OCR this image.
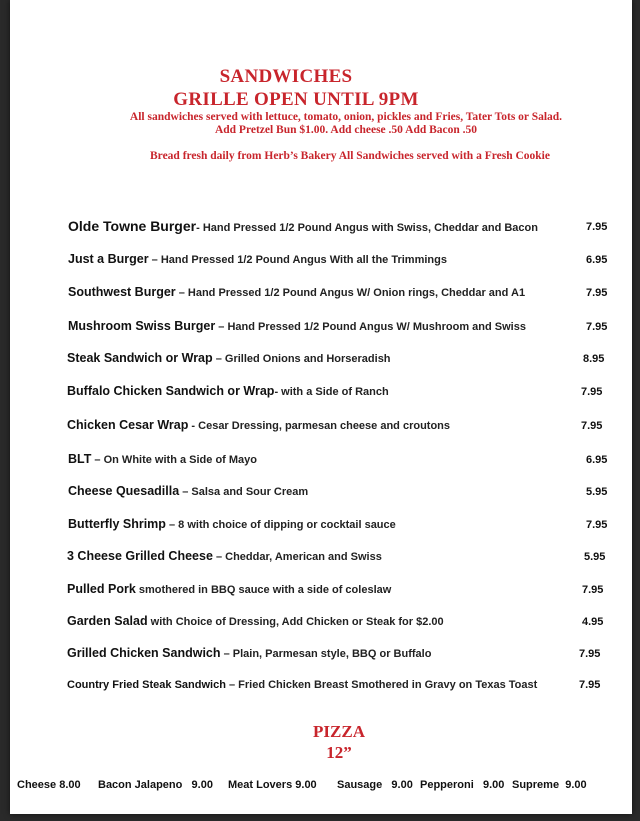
SANDWICHES
GRILLE OPEN UNTIL 9PM
All sandwiches served with lettuce, tomato, onion, pickles and Fries, Tater Tots or Salad.
Add Pretzel Bun $1.00. Add cheese .50 Add Bacon .50
Bread fresh daily from Herb’s Bakery All Sandwiches served with a Fresh Cookie
Olde Towne Burger- Hand Pressed 1/2 Pound Angus with Swiss, Cheddar and Bacon	7.95
Just a Burger – Hand Pressed 1/2 Pound Angus With all the Trimmings	6.95
Southwest Burger – Hand Pressed 1/2 Pound Angus W/ Onion rings, Cheddar and A1	7.95
Mushroom Swiss Burger – Hand Pressed 1/2 Pound Angus W/ Mushroom and Swiss	7.95
Steak Sandwich or Wrap – Grilled Onions and Horseradish	8.95
Buffalo Chicken Sandwich or Wrap- with a Side of Ranch	7.95
Chicken Cesar Wrap - Cesar Dressing, parmesan cheese and croutons	7.95
BLT – On White with a Side of Mayo	6.95
Cheese Quesadilla – Salsa and Sour Cream	5.95
Butterfly Shrimp – 8 with choice of dipping or cocktail sauce	7.95
3 Cheese Grilled Cheese – Cheddar, American and Swiss	5.95
Pulled Pork smothered in BBQ sauce with a side of coleslaw	7.95
Garden Salad with Choice of Dressing, Add Chicken or Steak for $2.00	4.95
Grilled Chicken Sandwich – Plain, Parmesan style, BBQ or Buffalo	7.95
Country Fried Steak Sandwich – Fried Chicken Breast Smothered in Gravy on Texas Toast	7.95
PIZZA
12”
Cheese 8.00 Bacon Jalapeno 9.00 Meat Lovers 9.00 Sausage 9.00 Pepperoni 9.00 Supreme 9.00
